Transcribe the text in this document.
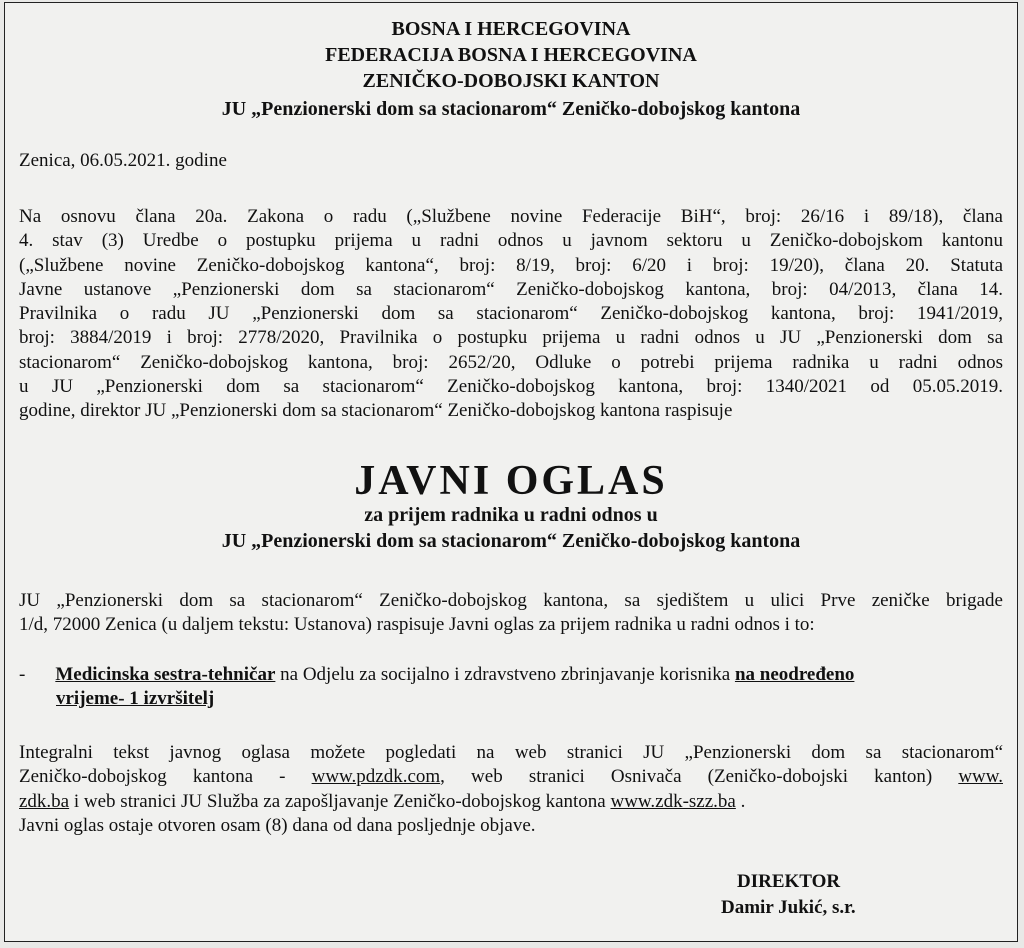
BOSNA I HERCEGOVINA
FEDERACIJA BOSNA I HERCEGOVINA
ZENIČKO-DOBOJSKI KANTON
JU „Penzionerski dom sa stacionarom“ Zeničko-dobojskog kantona
Zenica, 06.05.2021. godine
Na osnovu člana 20a. Zakona o radu („Službene novine Federacije BiH“, broj: 26/16 i 89/18), člana
4. stav (3) Uredbe o postupku prijema u radni odnos u javnom sektoru u Zeničko-dobojskom kantonu
(„Službene novine Zeničko-dobojskog kantona“, broj: 8/19, broj: 6/20 i broj: 19/20), člana 20. Statuta
Javne ustanove „Penzionerski dom sa stacionarom“ Zeničko-dobojskog kantona, broj: 04/2013, člana 14.
Pravilnika o radu JU „Penzionerski dom sa stacionarom“ Zeničko-dobojskog kantona, broj: 1941/2019,
broj: 3884/2019 i broj: 2778/2020, Pravilnika o postupku prijema u radni odnos u JU „Penzionerski dom sa
stacionarom“ Zeničko-dobojskog kantona, broj: 2652/20, Odluke o potrebi prijema radnika u radni odnos
u JU „Penzionerski dom sa stacionarom“ Zeničko-dobojskog kantona, broj: 1340/2021 od 05.05.2019.
godine, direktor JU „Penzionerski dom sa stacionarom“ Zeničko-dobojskog kantona raspisuje
JAVNI OGLAS
za prijem radnika u radni odnos u
JU „Penzionerski dom sa stacionarom“ Zeničko-dobojskog kantona
JU „Penzionerski dom sa stacionarom“ Zeničko-dobojskog kantona, sa sjedištem u ulici Prve zeničke brigade
1/d, 72000 Zenica (u daljem tekstu: Ustanova) raspisuje Javni oglas za prijem radnika u radni odnos i to:
- Medicinska sestra-tehničar na Odjelu za socijalno i zdravstveno zbrinjavanje korisnika na neodređeno
vrijeme- 1 izvršitelj
Integralni tekst javnog oglasa možete pogledati na web stranici JU „Penzionerski dom sa stacionarom“
Zeničko-dobojskog kantona - www.pdzdk.com, web stranici Osnivača (Zeničko-dobojski kanton) www.
zdk.ba i web stranici JU Služba za zapošljavanje Zeničko-dobojskog kantona www.zdk-szz.ba .
Javni oglas ostaje otvoren osam (8) dana od dana posljednje objave.
DIREKTOR
Damir Jukić, s.r.
